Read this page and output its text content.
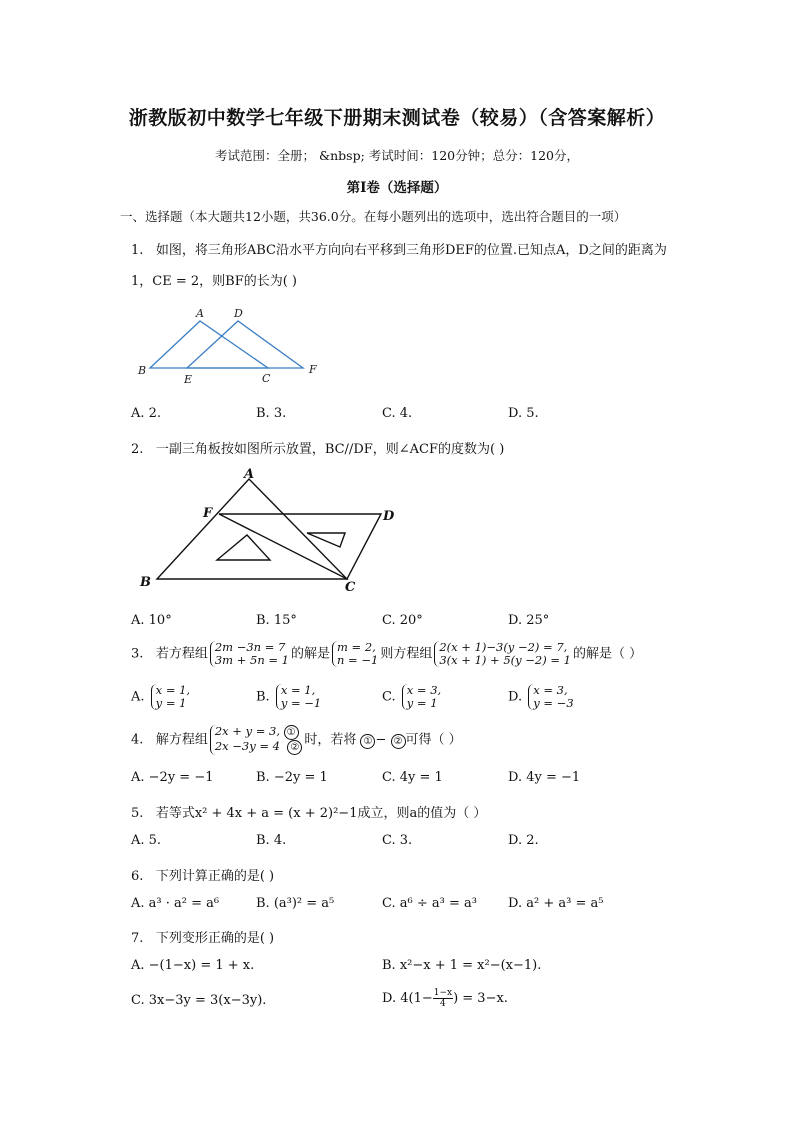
浙教版初中数学七年级下册期末测试卷（较易）（含答案解析）
考试范围：全册； &nbsp; 考试时间：120分钟；总分：120分，
第I卷（选择题）
一、选择题（本大题共12小题，共36.0分。在每小题列出的选项中，选出符合题目的一项）
1. 如图，将三角形ABC沿水平方向向右平移到三角形DEF的位置.已知点A，D之间的距离为
1，CE = 2，则BF的长为( )
A	D
B
E	C
F
A. 2.	B. 3.	C. 4.	D. 5.
2. 一副三角板按如图所示放置，BC//DF，则∠ACF的度数为( )
A
F	D
B	C
A. 10°	B. 15°	C. 20°	D. 25°
3. 若方程组 2m −3n = 7
3m + 5n = 1 的解是 m = 2,
n = −1 则方程组 2(x + 1)−3(y −2) = 7,
3(x + 1) + 5(y −2) = 1 的解是（ ）
A. x = 1,
y = 1	B. x = 1,
y = −1	C. x = 3,
y = 1	D. x = 3,
y = −3
4. 解方程组
2x + y = 3, ①
2x −3y = 4 ② 时，若将 ① − ② 可得（ ）
A. −2y = −1	B. −2y = 1	C. 4y = 1	D. 4y = −1
5. 若等式x² + 4x + a = (x + 2)²−1成立，则a的值为（ ）
A. 5.	B. 4.	C. 3.	D. 2.
6. 下列计算正确的是( )
A. a³ · a² = a⁶	B. (a³)² = a⁵	C. a⁶ ÷ a³ = a³ D. a² + a³ = a⁵
7. 下列变形正确的是( )
A. −(1−x) = 1 + x.	B. x²−x + 1 = x²−(x−1).
C. 3x−3y = 3(x−3y).	D. $4(1- \frac{1-x}{4}$ ) = 3−x.
